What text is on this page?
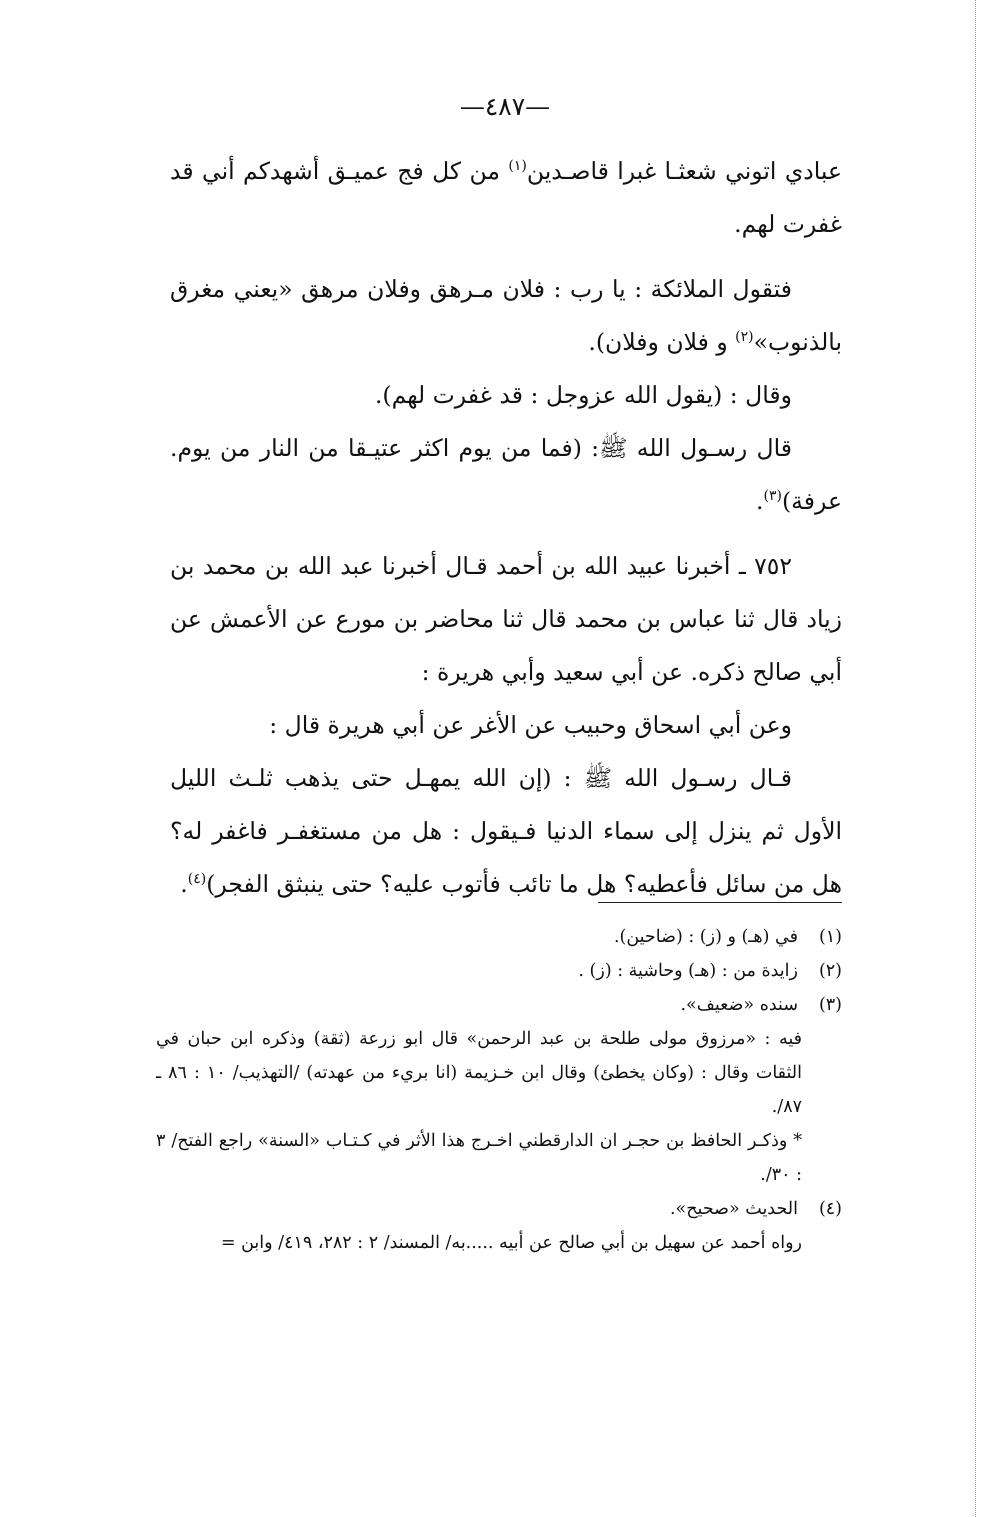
—٤٨٧—

عبادي اتوني شعثـا غبرا قاصـدين$^{(١)}$ من كل فج عميـق أشهدكم أني قد غفرت لهم.

فتقول الملائكة : يا رب : فلان مـرهق وفلان مرهق «يعني مغرق بالذنوب»$^{(٢)}$ و فلان وفلان).

وقال : (يقول الله عزوجل : قد غفرت لهم).

قال رسـول الله ﷺ: (فما من يوم اكثر عتيـقا من النار من يوم. عرفة)$^{(٣)}$.

٧٥٢ ـ أخبرنا عبيد الله بن أحمد قـال أخبرنا عبد الله بن محمد بن زياد قال ثنا عباس بن محمد قال ثنا محاضر بن مورع عن الأعمش عن أبي صالح ذكره. عن أبي سعيد وأبي هريرة :

وعن أبي اسحاق وحبيب عن الأغر عن أبي هريرة قال :

قـال رسـول الله ﷺ : (إن الله يمهـل حتى يذهب ثلـث الليل الأول ثم ينزل إلى سماء الدنيا فـيقول : هل من مستغفـر فاغفر له؟ هل من سائل فأعطيه؟ هل ما تائب فأتوب عليه؟ حتى ينبثق الفجر)$^{(٤)}$.

(١)في (هـ) و (ز) : (ضاحين).

(٢)زايدة من : (هـ) وحاشية : (ز) .

(٣)سنده «ضعيف».

فيه : «مرزوق مولى طلحة بن عبد الرحمن» قال ابو زرعة (ثقة) وذكره ابن حبان في الثقات وقال : (وكان يخطئ) وقال ابن خـزيمة (انا بريء من عهدته) /التهذيب/ ١٠ : ٨٦ ـ ٨٧/.

* وذكـر الحافظ بن حجـر ان الدارقطني اخـرج هذا الأثر في كـتـاب «السنة» راجع الفتح/ ٣ : ٣٠/.

(٤)الحديث «صحيح».

رواه أحمد عن سهيل بن أبي صالح عن أبيه .....به/ المسند/ ٢ : ٢٨٢، ٤١٩/ وابن =
